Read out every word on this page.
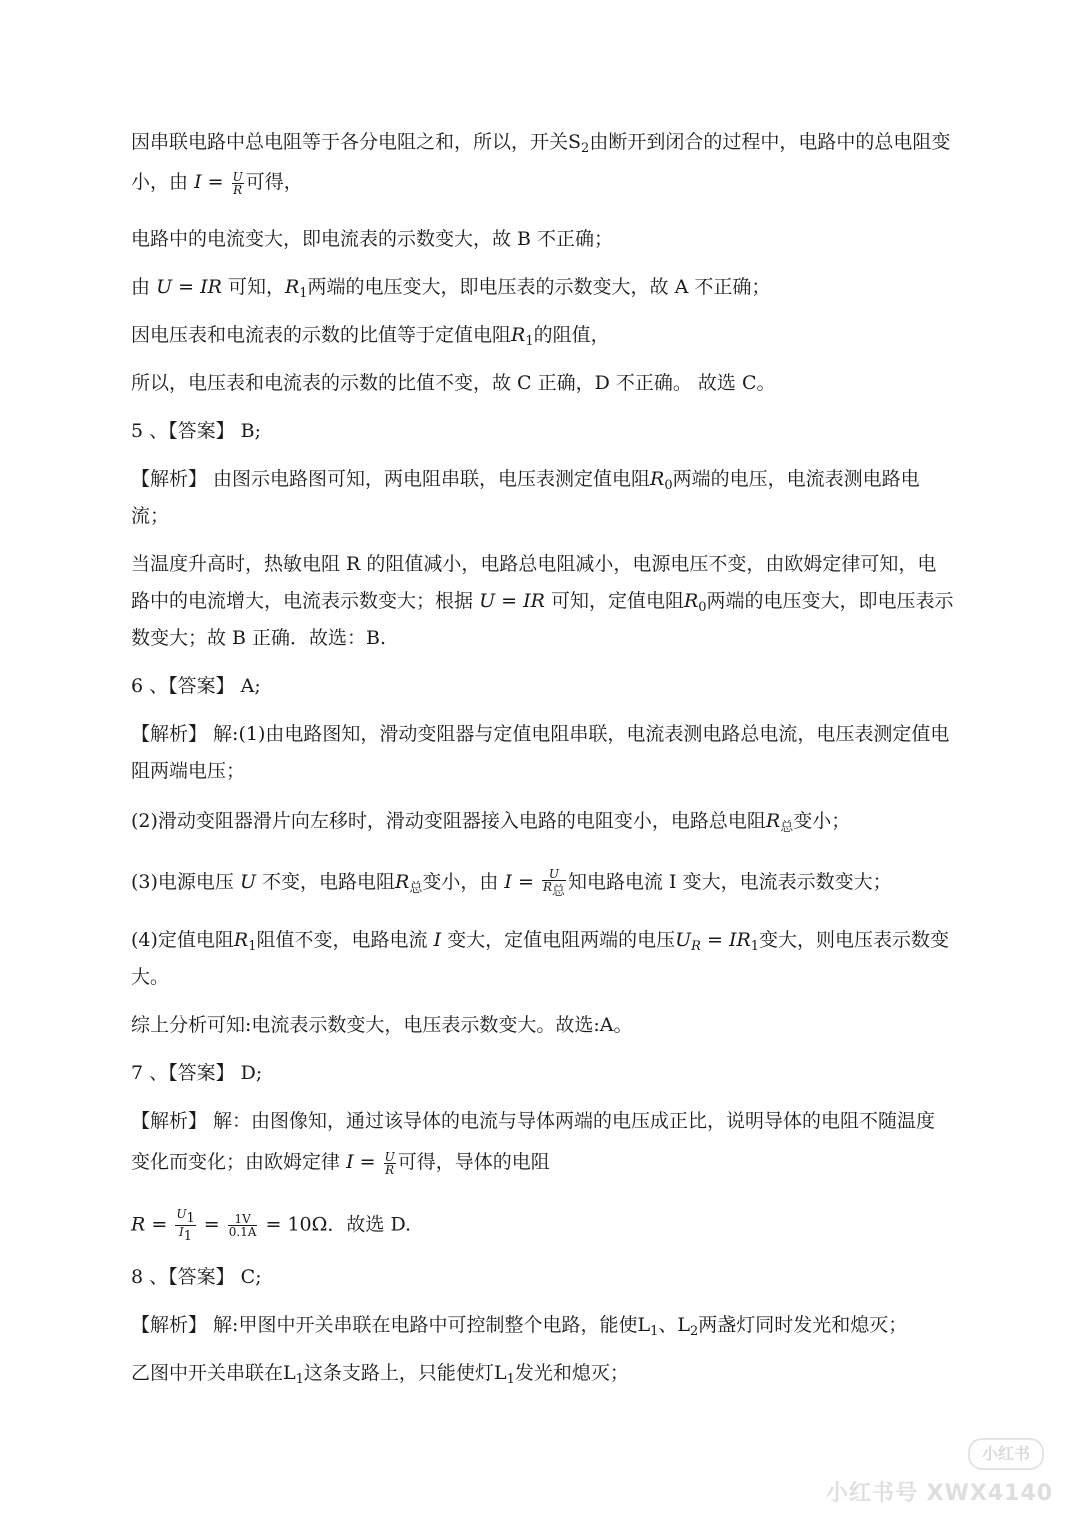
因串联电路中总电阻等于各分电阻之和，所以，开关$S_2$由断开到闭合的过程中，电路中的总电阻变
小，由 $I = \frac{U}{R}$ 可得，
电路中的电流变大，即电流表的示数变大，故 B 不正确；
由 U = IR 可知，$R_1$两端的电压变大，即电压表的示数变大，故 A 不正确；
因电压表和电流表的示数的比值等于定值电阻$R_1$的阻值，
所以，电压表和电流表的示数的比值不变，故 C 正确，D 不正确。 故选 C。
5 、【答案】 B;
【解析】 由图示电路图可知，两电阻串联，电压表测定值电阻$R_0$两端的电压，电流表测电路电
流；
当温度升高时，热敏电阻 R 的阻值减小，电路总电阻减小，电源电压不变，由欧姆定律可知，电
路中的电流增大，电流表示数变大；根据 U = IR 可知，定值电阻$R_0$两端的电压变大，即电压表示
数变大；故 B 正确．故选：B.
6 、【答案】 A;
【解析】 解:(1)由电路图知，滑动变阻器与定值电阻串联，电流表测电路总电流，电压表测定值电
阻两端电压；
(2)滑动变阻器滑片向左移时，滑动变阻器接入电路的电阻变小，电路总电阻$R_总$变小；
(3)电源电压 U 不变，电路电阻$R_总$变小，由 $I = \frac{U}{R_总}$ 知电路电流 I 变大，电流表示数变大；
(4)定值电阻$R_1$阻值不变，电路电流 I 变大，定值电阻两端的电压$U_R = IR_1$变大，则电压表示数变
大。
综上分析可知:电流表示数变大，电压表示数变大。故选:A。
7 、【答案】 D;
【解析】 解：由图像知，通过该导体的电流与导体两端的电压成正比，说明导体的电阻不随温度
变化而变化；由欧姆定律 $I = \frac{U}{R}$ 可得，导体的电阻
$R = \frac{U_1}{I_1} = \frac{1V}{0.1A} = 10\Omega$．故选 D.
8 、【答案】 C;
【解析】 解:甲图中开关串联在电路中可控制整个电路，能使$L_1$、$L_2$两盏灯同时发光和熄灭；
乙图中开关串联在$L_1$这条支路上，只能使灯$L_1$发光和熄灭；
小红书
小红书号 XWX4140
